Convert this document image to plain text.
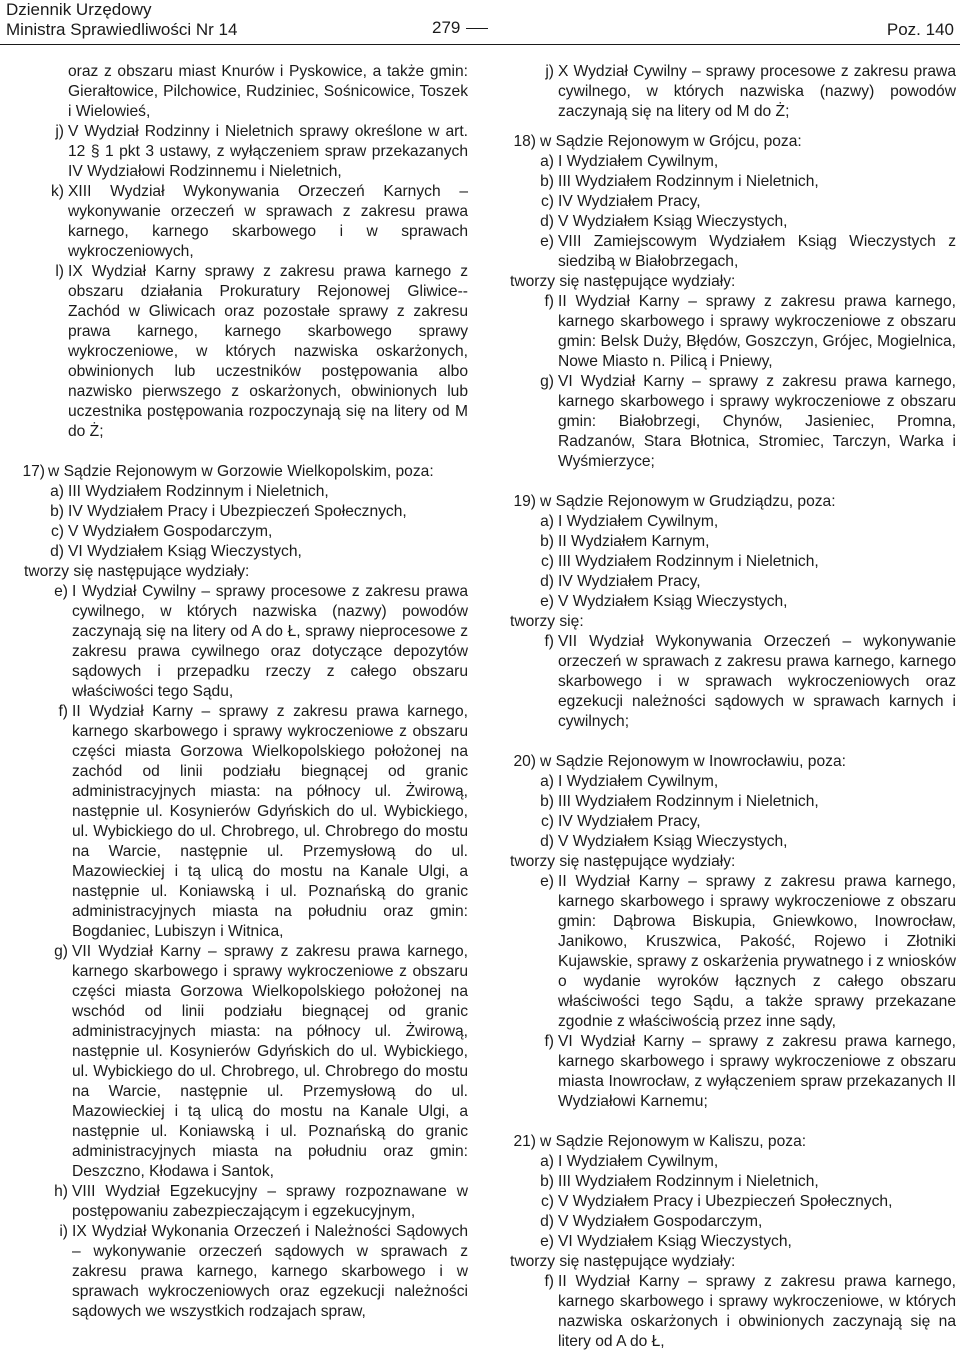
Dziennik Urzędowy
Ministra Sprawiedliwości Nr 14	279	Poz. 140
oraz z obszaru miast Knurów i Pyskowice, a także gmin: Gierałtowice, Pilchowice, Rudziniec, Sośnicowice, Toszek i Wielowieś,
j) V Wydział Rodzinny i Nieletnich sprawy określone w art. 12 § 1 pkt 3 ustawy, z wyłączeniem spraw przekazanych IV Wydziałowi Rodzinnemu i Nieletnich,
k) XIII Wydział Wykonywania Orzeczeń Karnych – wykonywanie orzeczeń w sprawach z zakresu prawa karnego, karnego skarbowego i w sprawach wykroczeniowych,
l) IX Wydział Karny sprawy z zakresu prawa karnego z obszaru działania Prokuratury Rejonowej Gliwice--Zachód w Gliwicach oraz pozostałe sprawy z zakresu prawa karnego, karnego skarbowego sprawy wykroczeniowe, w których nazwiska oskarżonych, obwinionych lub uczestników postępowania albo nazwisko pierwszego z oskarżonych, obwinionych lub uczestnika postępowania rozpoczynają się na litery od M do Ż;
17) w Sądzie Rejonowym w Gorzowie Wielkopolskim, poza:
a) III Wydziałem Rodzinnym i Nieletnich,
b) IV Wydziałem Pracy i Ubezpieczeń Społecznych,
c) V Wydziałem Gospodarczym,
d) VI Wydziałem Ksiąg Wieczystych,
tworzy się następujące wydziały:
e) I Wydział Cywilny – sprawy procesowe z zakresu prawa cywilnego, w których nazwiska (nazwy) powodów zaczynają się na litery od A do Ł, sprawy nieprocesowe z zakresu prawa cywilnego oraz dotyczące depozytów sądowych i przepadku rzeczy z całego obszaru właściwości tego Sądu,
f) II Wydział Karny – sprawy z zakresu prawa karnego, karnego skarbowego i sprawy wykroczeniowe z obszaru części miasta Gorzowa Wielkopolskiego położonej na zachód od linii podziału biegnącej od granic administracyjnych miasta: na północy ul. Żwirową, następnie ul. Kosynierów Gdyńskich do ul. Wybickiego, ul. Wybickiego do ul. Chrobrego, ul. Chrobrego do mostu na Warcie, następnie ul. Przemysłową do ul. Mazowieckiej i tą ulicą do mostu na Kanale Ulgi, a następnie ul. Koniawską i ul. Poznańską do granic administracyjnych miasta na południu oraz gmin: Bogdaniec, Lubiszyn i Witnica,
g) VII Wydział Karny – sprawy z zakresu prawa karnego, karnego skarbowego i sprawy wykroczeniowe z obszaru części miasta Gorzowa Wielkopolskiego położonej na wschód od linii podziału biegnącej od granic administracyjnych miasta: na północy ul. Żwirową, następnie ul. Kosynierów Gdyńskich do ul. Wybickiego, ul. Wybickiego do ul. Chrobrego, ul. Chrobrego do mostu na Warcie, następnie ul. Przemysłową do ul. Mazowieckiej i tą ulicą do mostu na Kanale Ulgi, a następnie ul. Koniawską i ul. Poznańską do granic administracyjnych miasta na południu oraz gmin: Deszczno, Kłodawa i Santok,
h) VIII Wydział Egzekucyjny – sprawy rozpoznawane w postępowaniu zabezpieczającym i egzekucyjnym,
i) IX Wydział Wykonania Orzeczeń i Należności Sądowych – wykonywanie orzeczeń sądowych w sprawach z zakresu prawa karnego, karnego skarbowego i w sprawach wykroczeniowych oraz egzekucji należności sądowych we wszystkich rodzajach spraw,
j) X Wydział Cywilny – sprawy procesowe z zakresu prawa cywilnego, w których nazwiska (nazwy) powodów zaczynają się na litery od M do Ż;
18) w Sądzie Rejonowym w Grójcu, poza:
a) I Wydziałem Cywilnym,
b) III Wydziałem Rodzinnym i Nieletnich,
c) IV Wydziałem Pracy,
d) V Wydziałem Ksiąg Wieczystych,
e) VIII Zamiejscowym Wydziałem Ksiąg Wieczystych z siedzibą w Białobrzegach,
tworzy się następujące wydziały:
f) II Wydział Karny – sprawy z zakresu prawa karnego, karnego skarbowego i sprawy wykroczeniowe z obszaru gmin: Belsk Duży, Błędów, Goszczyn, Grójec, Mogielnica, Nowe Miasto n. Pilicą i Pniewy,
g) VI Wydział Karny – sprawy z zakresu prawa karnego, karnego skarbowego i sprawy wykroczeniowe z obszaru gmin: Białobrzegi, Chynów, Jasieniec, Promna, Radzanów, Stara Błotnica, Stromiec, Tarczyn, Warka i Wyśmierzyce;
19) w Sądzie Rejonowym w Grudziądzu, poza:
a) I Wydziałem Cywilnym,
b) II Wydziałem Karnym,
c) III Wydziałem Rodzinnym i Nieletnich,
d) IV Wydziałem Pracy,
e) V Wydziałem Ksiąg Wieczystych,
tworzy się:
f) VII Wydział Wykonywania Orzeczeń – wykonywanie orzeczeń w sprawach z zakresu prawa karnego, karnego skarbowego i w sprawach wykroczeniowych oraz egzekucji należności sądowych w sprawach karnych i cywilnych;
20) w Sądzie Rejonowym w Inowrocławiu, poza:
a) I Wydziałem Cywilnym,
b) III Wydziałem Rodzinnym i Nieletnich,
c) IV Wydziałem Pracy,
d) V Wydziałem Ksiąg Wieczystych,
tworzy się następujące wydziały:
e) II Wydział Karny – sprawy z zakresu prawa karnego, karnego skarbowego i sprawy wykroczeniowe z obszaru gmin: Dąbrowa Biskupia, Gniewkowo, Inowrocław, Janikowo, Kruszwica, Pakość, Rojewo i Złotniki Kujawskie, sprawy z oskarżenia prywatnego i z wniosków o wydanie wyroków łącznych z całego obszaru właściwości tego Sądu, a także sprawy przekazane zgodnie z właściwością przez inne sądy,
f) VI Wydział Karny – sprawy z zakresu prawa karnego, karnego skarbowego i sprawy wykroczeniowe z obszaru miasta Inowrocław, z wyłączeniem spraw przekazanych II Wydziałowi Karnemu;
21) w Sądzie Rejonowym w Kaliszu, poza:
a) I Wydziałem Cywilnym,
b) III Wydziałem Rodzinnym i Nieletnich,
c) V Wydziałem Pracy i Ubezpieczeń Społecznych,
d) V Wydziałem Gospodarczym,
e) VI Wydziałem Ksiąg Wieczystych,
tworzy się następujące wydziały:
f) II Wydział Karny – sprawy z zakresu prawa karnego, karnego skarbowego i sprawy wykroczeniowe, w których nazwiska oskarżonych i obwinionych zaczynają się na litery od A do Ł,
